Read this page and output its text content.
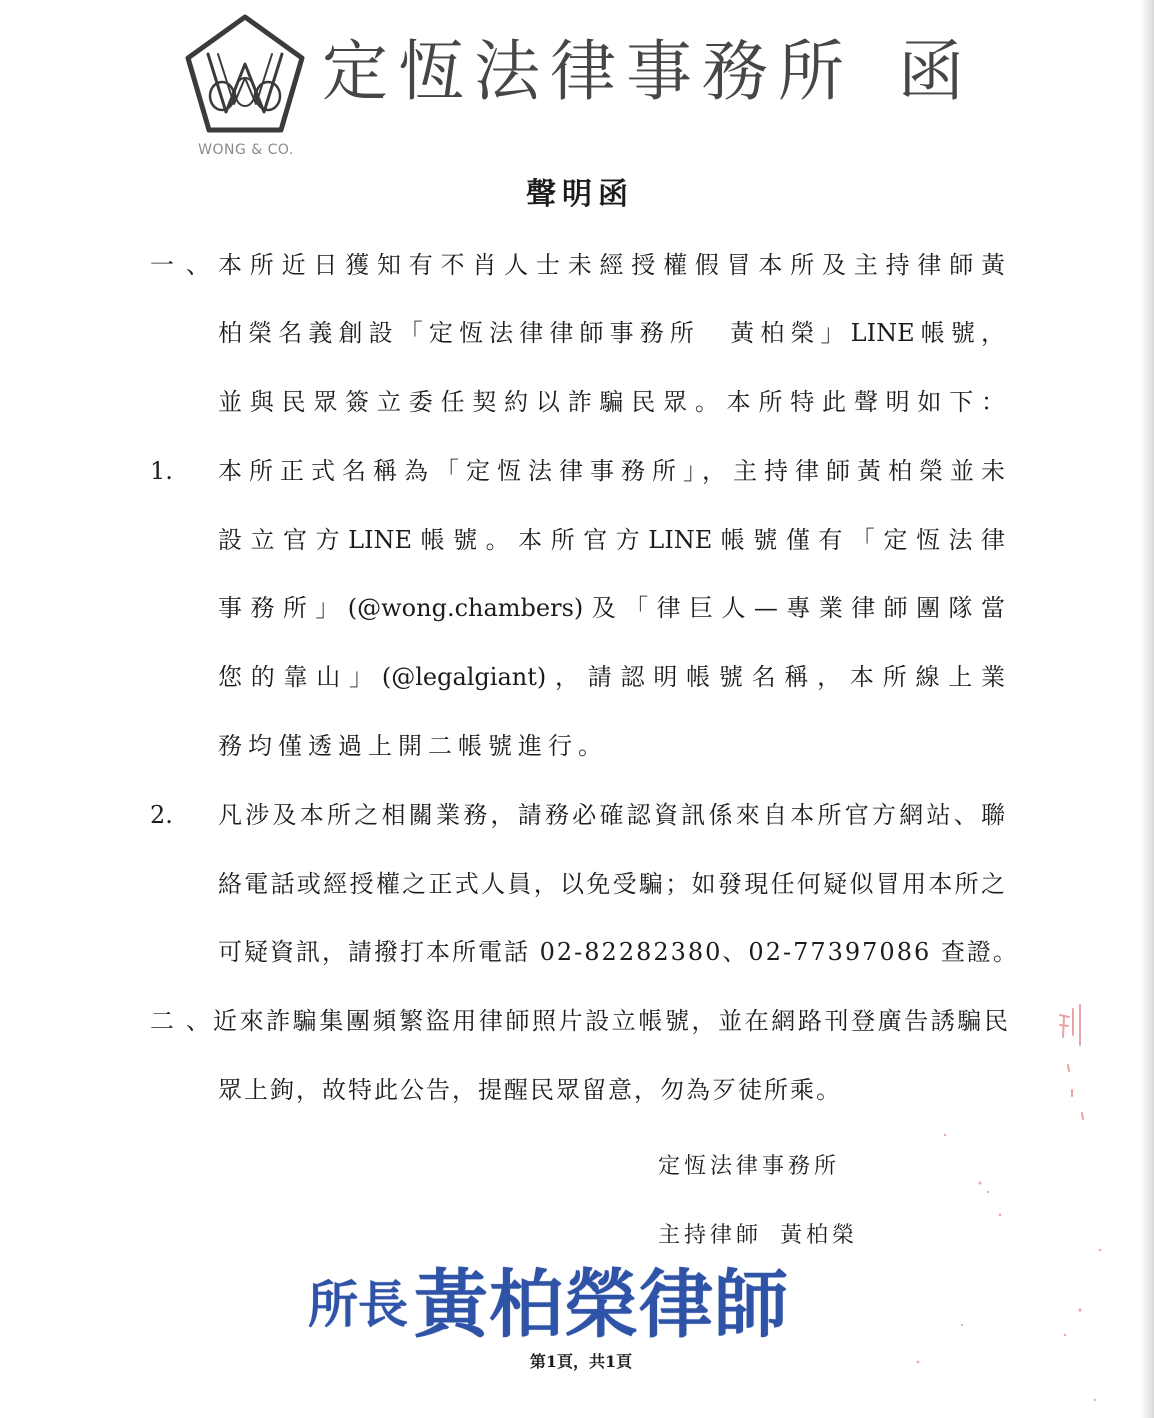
WONG & CO.
定恆法律事務所 函
聲明函
一、
本所近日獲知有不肖人士未經授權假冒本所及主持律師黃
柏榮名義創設「定恆法律律師事務所　黃柏榮」LINE帳號，
並與民眾簽立委任契約以詐騙民眾。本所特此聲明如下：
1. 本所正式名稱為「定恆法律事務所」，主持律師黃柏榮並未
設立官方LINE帳號。本所官方LINE帳號僅有「定恆法律
事務所」(@wong.chambers)及「律巨人—專業律師團隊當
您的靠山」(@legalgiant)，請認明帳號名稱，本所線上業
務均僅透過上開二帳號進行。
2. 凡涉及本所之相關業務，請務必確認資訊係來自本所官方網站、聯
絡電話或經授權之正式人員，以免受騙；如發現任何疑似冒用本所之
可疑資訊，請撥打本所電話 02-82282380、02-77397086 查證。
二、
近來詐騙集團頻繁盜用律師照片設立帳號，並在網路刊登廣告誘騙民
眾上鉤，故特此公告，提醒民眾留意，勿為歹徒所乘。
定恆法律事務所
主持律師 黃柏榮
所長 黃柏榮律師
第1頁，共1頁
